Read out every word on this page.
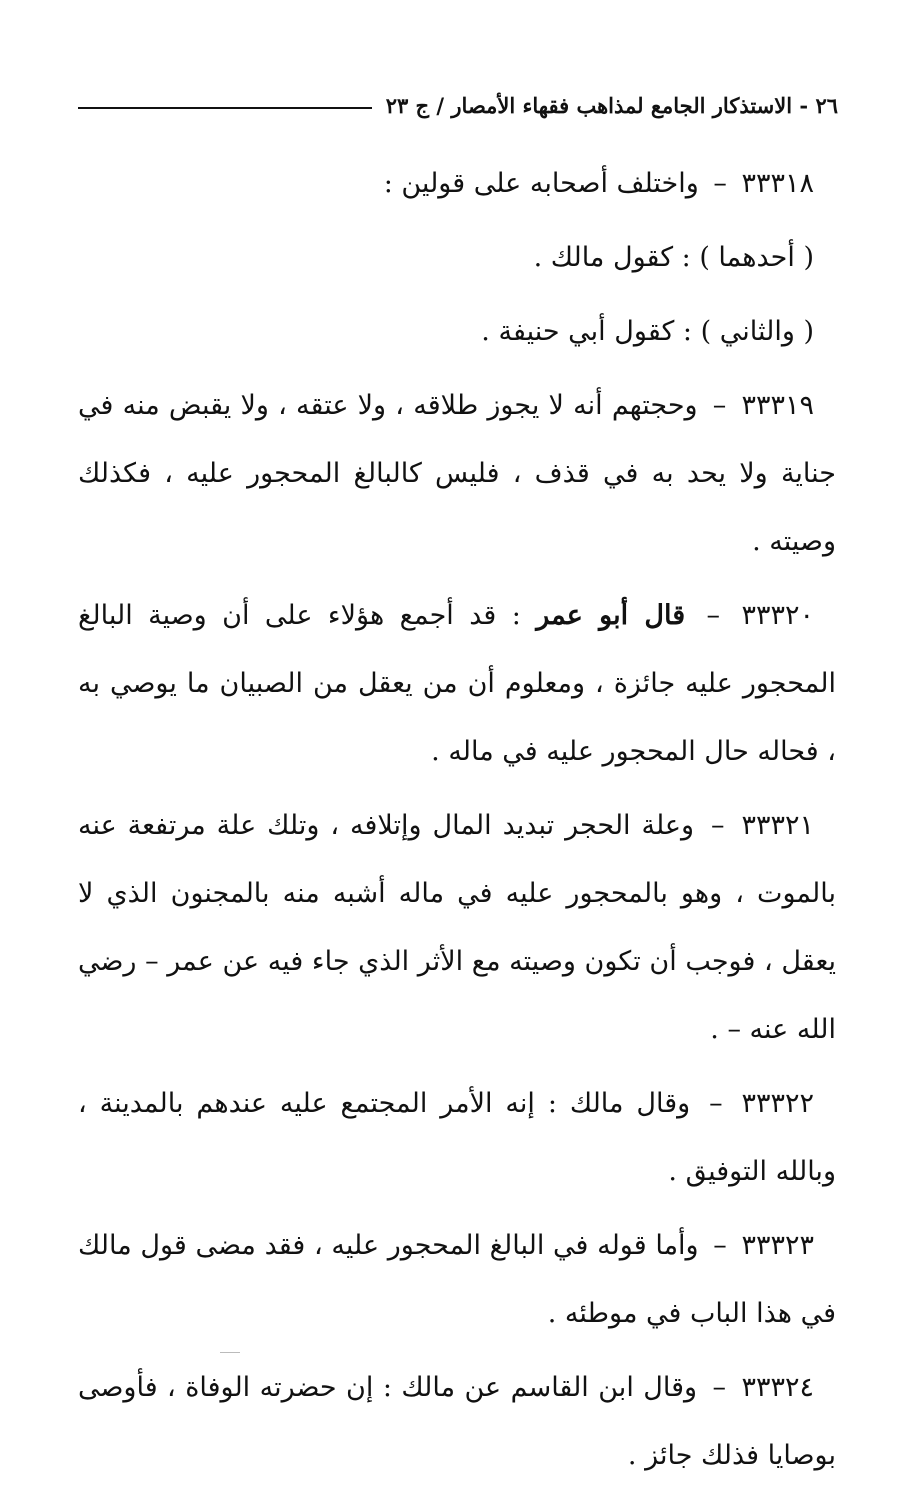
٢٦ - الاستذكار الجامع لمذاهب فقهاء الأمصار / ج ٢٣

٣٣٣١٨ – واختلف أصحابه على قولين :

( أحدهما ) : كقول مالك .

( والثاني ) : كقول أبي حنيفة .

٣٣٣١٩ – وحجتهم أنه لا يجوز طلاقه ، ولا عتقه ، ولا يقبض منه في جناية ولا يحد به في قذف ، فليس كالبالغ المحجور عليه ، فكذلك وصيته .

٣٣٣٢٠ – قال أبو عمر : قد أجمع هؤلاء على أن وصية البالغ المحجور عليه جائزة ، ومعلوم أن من يعقل من الصبيان ما يوصي به ، فحاله حال المحجور عليه في ماله .

٣٣٣٢١ – وعلة الحجر تبديد المال وإتلافه ، وتلك علة مرتفعة عنه بالموت ، وهو بالمحجور عليه في ماله أشبه منه بالمجنون الذي لا يعقل ، فوجب أن تكون وصيته مع الأثر الذي جاء فيه عن عمر – رضي الله عنه – .

٣٣٣٢٢ – وقال مالك : إنه الأمر المجتمع عليه عندهم بالمدينة ، وبالله التوفيق .

٣٣٣٢٣ – وأما قوله في البالغ المحجور عليه ، فقد مضى قول مالك في هذا الباب في موطئه .

٣٣٣٢٤ – وقال ابن القاسم عن مالك : إن حضرته الوفاة ، فأوصى بوصايا فذلك جائز .
